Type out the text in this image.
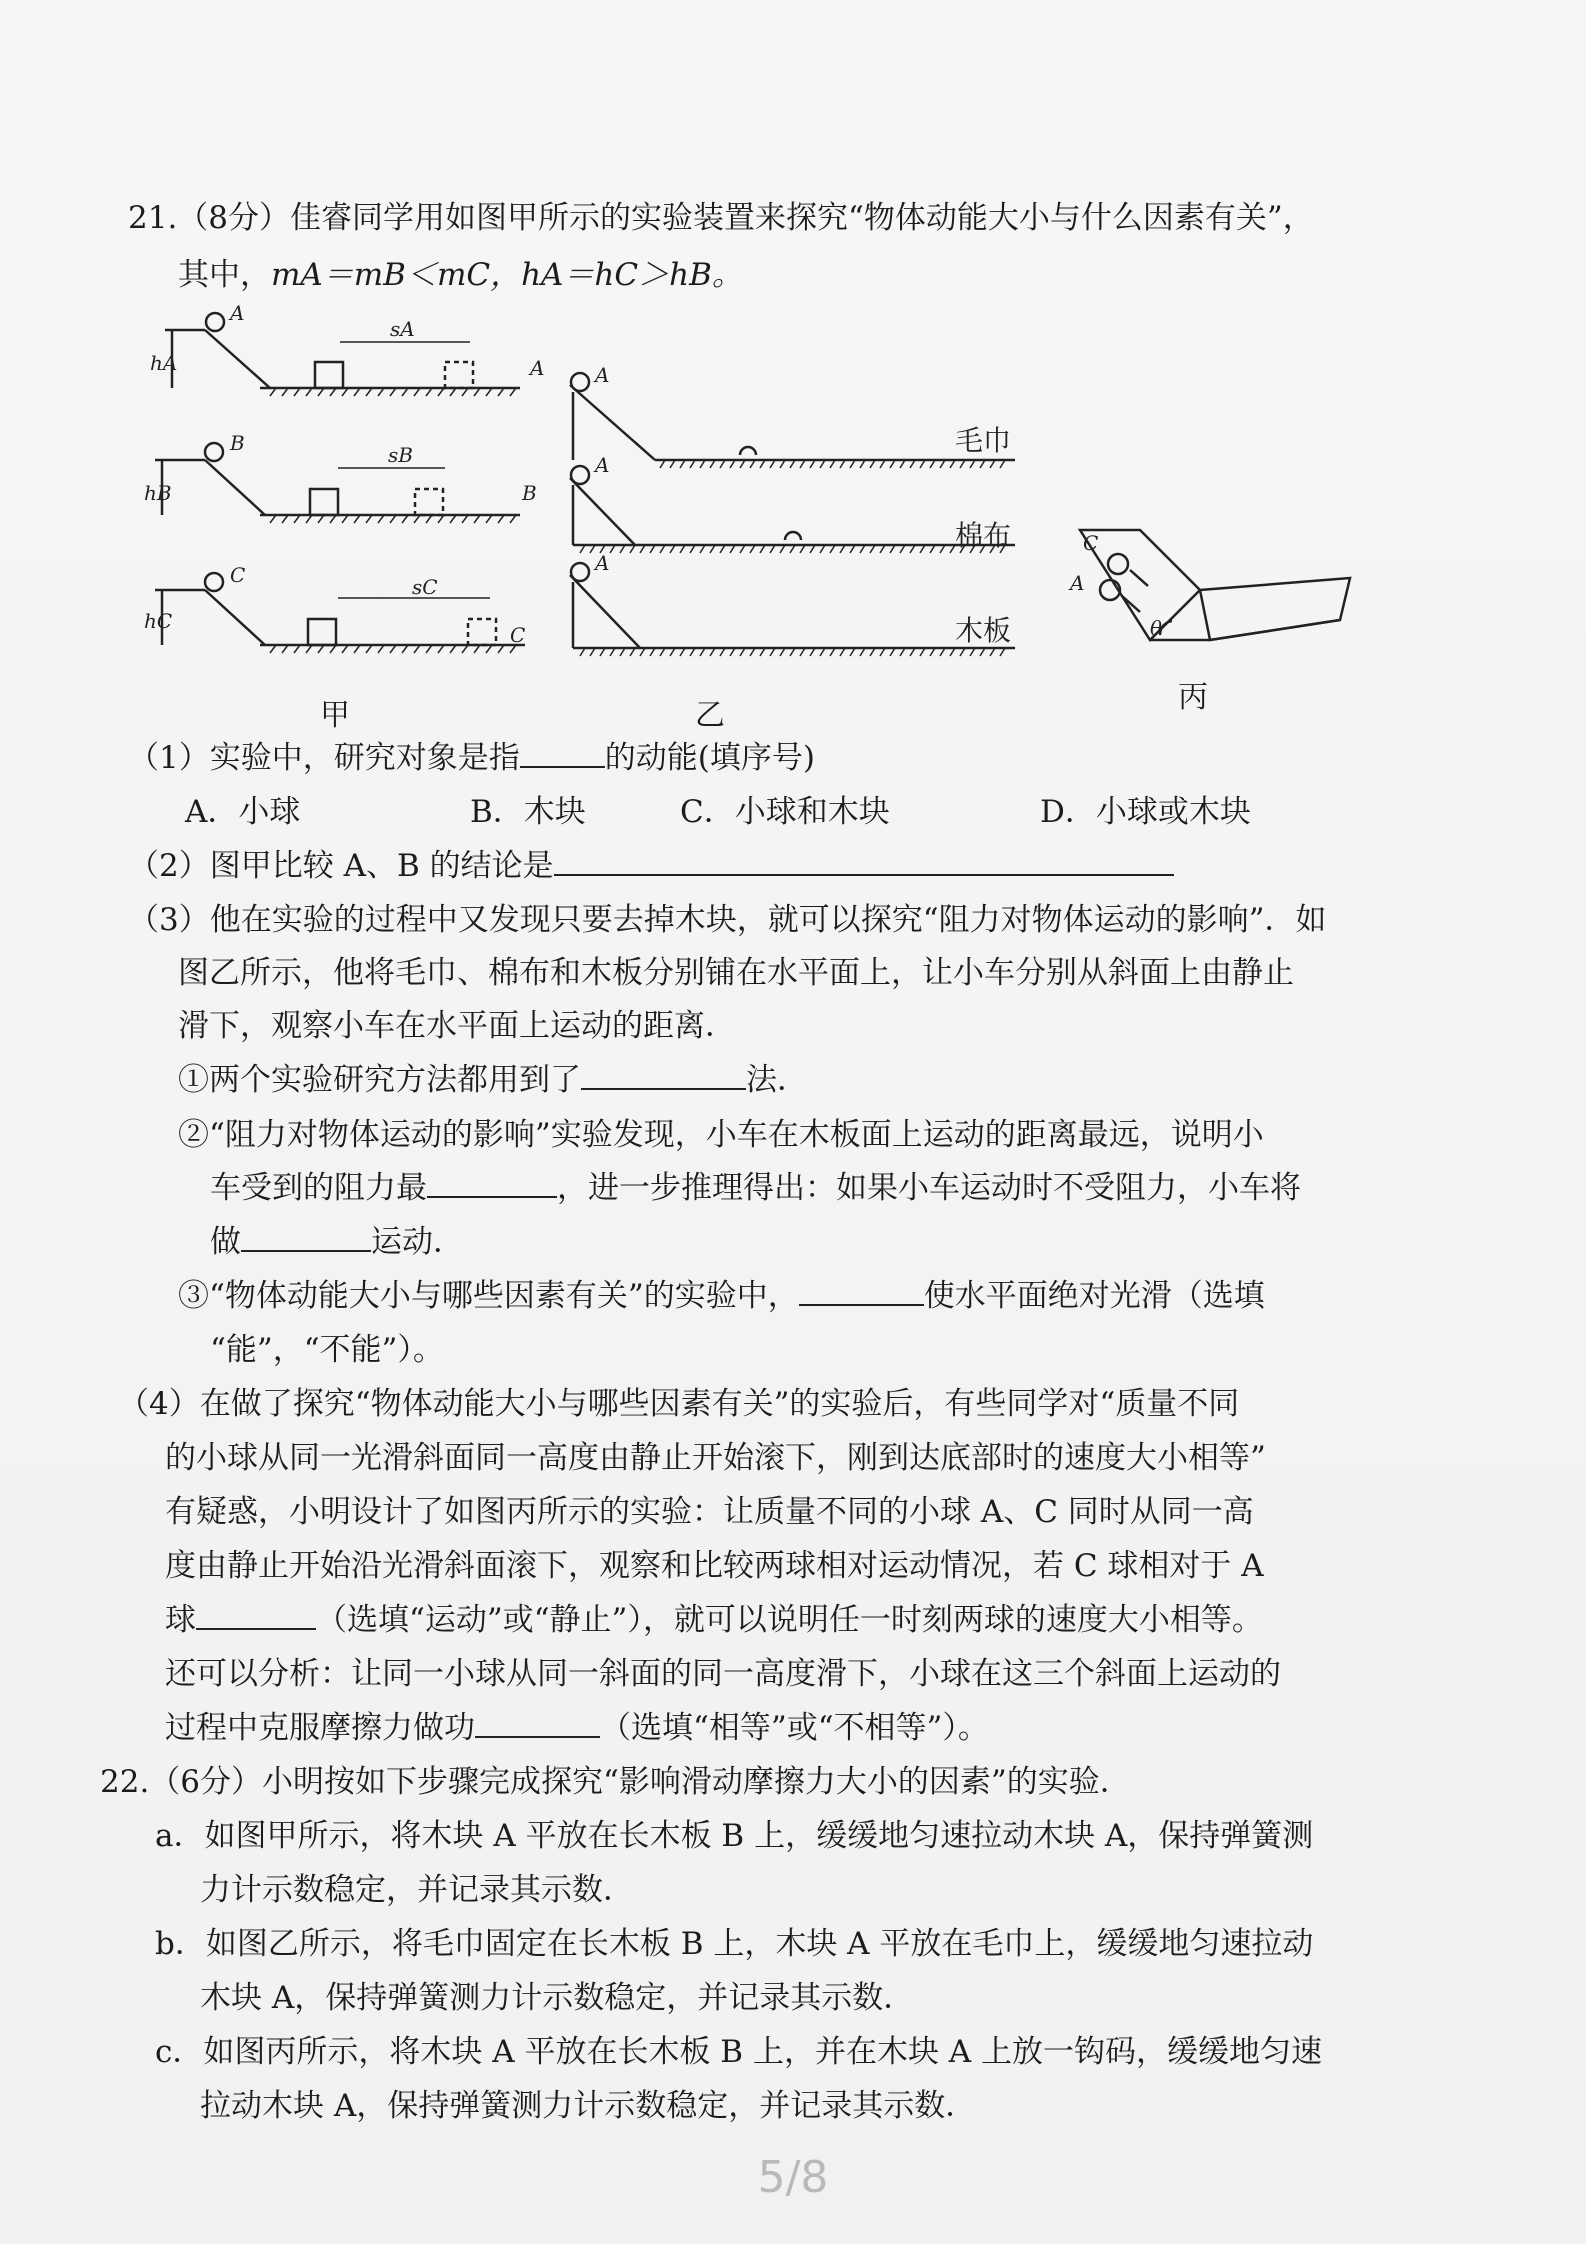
21.（8分）佳睿同学用如图甲所示的实验装置来探究“物体动能大小与什么因素有关”，
其中，mA＝mB＜mC，hA＝hC＞hB。
A
A
sA
hA
B
B
sB
hB
C
C
sC
hC
甲
A
A
A
毛巾
棉布
木板
乙
C
A
θ
丙
（1）实验中，研究对象是指	的动能(填序号)
A．小球	B．木块	C．小球和木块	D．小球或木块
（2）图甲比较 A、B 的结论是
（3）他在实验的过程中又发现只要去掉木块，就可以探究“阻力对物体运动的影响”．如
图乙所示，他将毛巾、棉布和木板分别铺在水平面上，让小车分别从斜面上由静止
滑下，观察小车在水平面上运动的距离．
①两个实验研究方法都用到了	法．
②“阻力对物体运动的影响”实验发现，小车在木板面上运动的距离最远，说明小
车受到的阻力最	，进一步推理得出：如果小车运动时不受阻力，小车将
做	运动．
③“物体动能大小与哪些因素有关”的实验中，	使水平面绝对光滑（选填
“能”，“不能”）。
（4）在做了探究“物体动能大小与哪些因素有关”的实验后，有些同学对“质量不同
的小球从同一光滑斜面同一高度由静止开始滚下，刚到达底部时的速度大小相等”
有疑惑，小明设计了如图丙所示的实验：让质量不同的小球 A、C 同时从同一高
度由静止开始沿光滑斜面滚下，观察和比较两球相对运动情况，若 C 球相对于 A
球	（选填“运动”或“静止”），就可以说明任一时刻两球的速度大小相等。
还可以分析：让同一小球从同一斜面的同一高度滑下，小球在这三个斜面上运动的
过程中克服摩擦力做功	（选填“相等”或“不相等”）。
22.（6分）小明按如下步骤完成探究“影响滑动摩擦力大小的因素”的实验．
a．如图甲所示，将木块 A 平放在长木板 B 上，缓缓地匀速拉动木块 A，保持弹簧测
力计示数稳定，并记录其示数．
b．如图乙所示，将毛巾固定在长木板 B 上，木块 A 平放在毛巾上，缓缓地匀速拉动
木块 A，保持弹簧测力计示数稳定，并记录其示数．
c．如图丙所示，将木块 A 平放在长木板 B 上，并在木块 A 上放一钩码，缓缓地匀速
拉动木块 A，保持弹簧测力计示数稳定，并记录其示数．
5/8
